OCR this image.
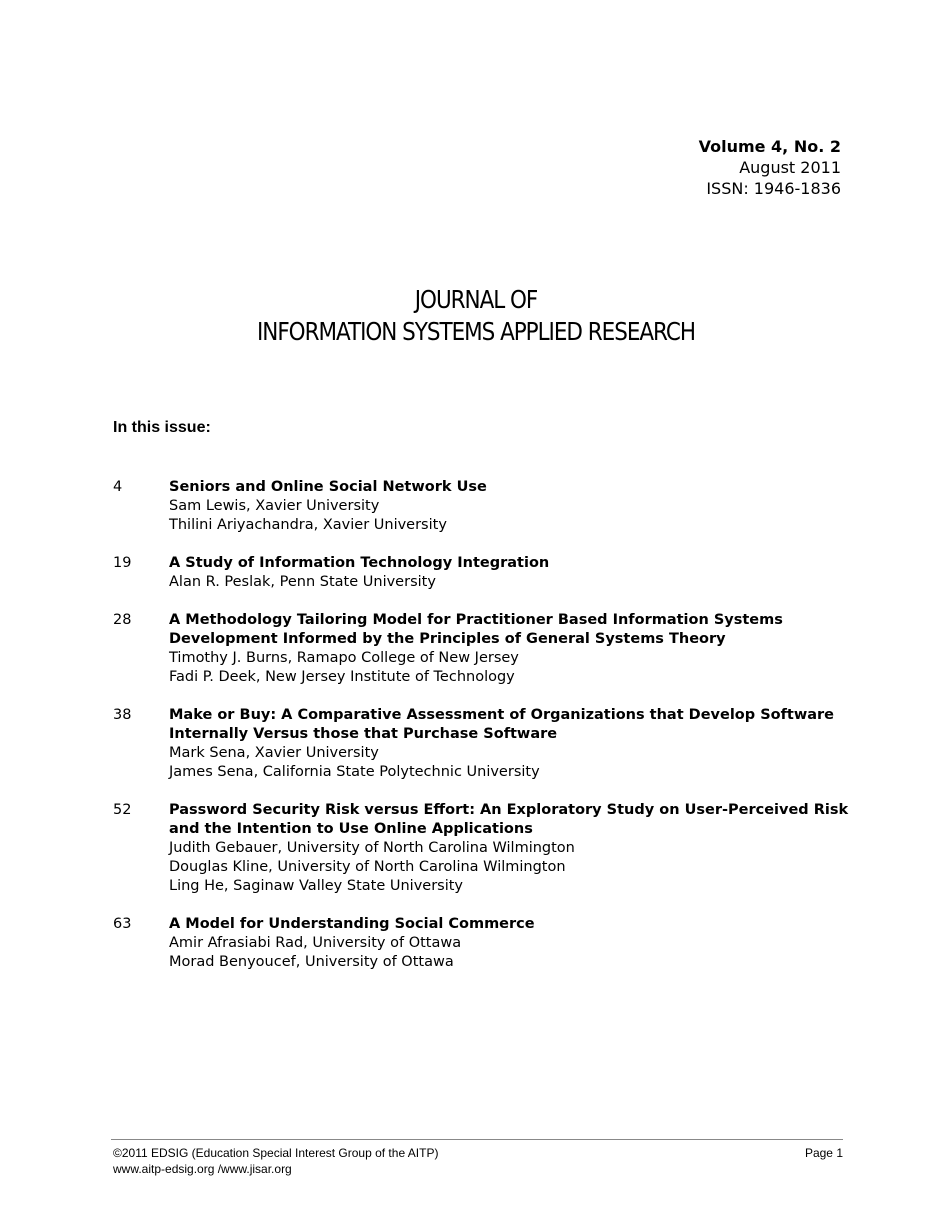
Volume 4, No. 2
August 2011
ISSN: 1946-1836
JOURNAL OF
INFORMATION SYSTEMS APPLIED RESEARCH
In this issue:
4	Seniors and Online Social Network Use
Sam Lewis, Xavier University
Thilini Ariyachandra, Xavier University
19	A Study of Information Technology Integration
Alan R. Peslak, Penn State University
28	A Methodology Tailoring Model for Practitioner Based Information Systems Development Informed by the Principles of General Systems Theory
Timothy J. Burns, Ramapo College of New Jersey
Fadi P. Deek, New Jersey Institute of Technology
38	Make or Buy: A Comparative Assessment of Organizations that Develop Software Internally Versus those that Purchase Software
Mark Sena, Xavier University
James Sena, California State Polytechnic University
52	Password Security Risk versus Effort: An Exploratory Study on User-Perceived Risk and the Intention to Use Online Applications
Judith Gebauer, University of North Carolina Wilmington
Douglas Kline, University of North Carolina Wilmington
Ling He, Saginaw Valley State University
63	A Model for Understanding Social Commerce
Amir Afrasiabi Rad, University of Ottawa
Morad Benyoucef, University of Ottawa
©2011 EDSIG (Education Special Interest Group of the AITP)
www.aitp-edsig.org /www.jisar.org
Page 1
